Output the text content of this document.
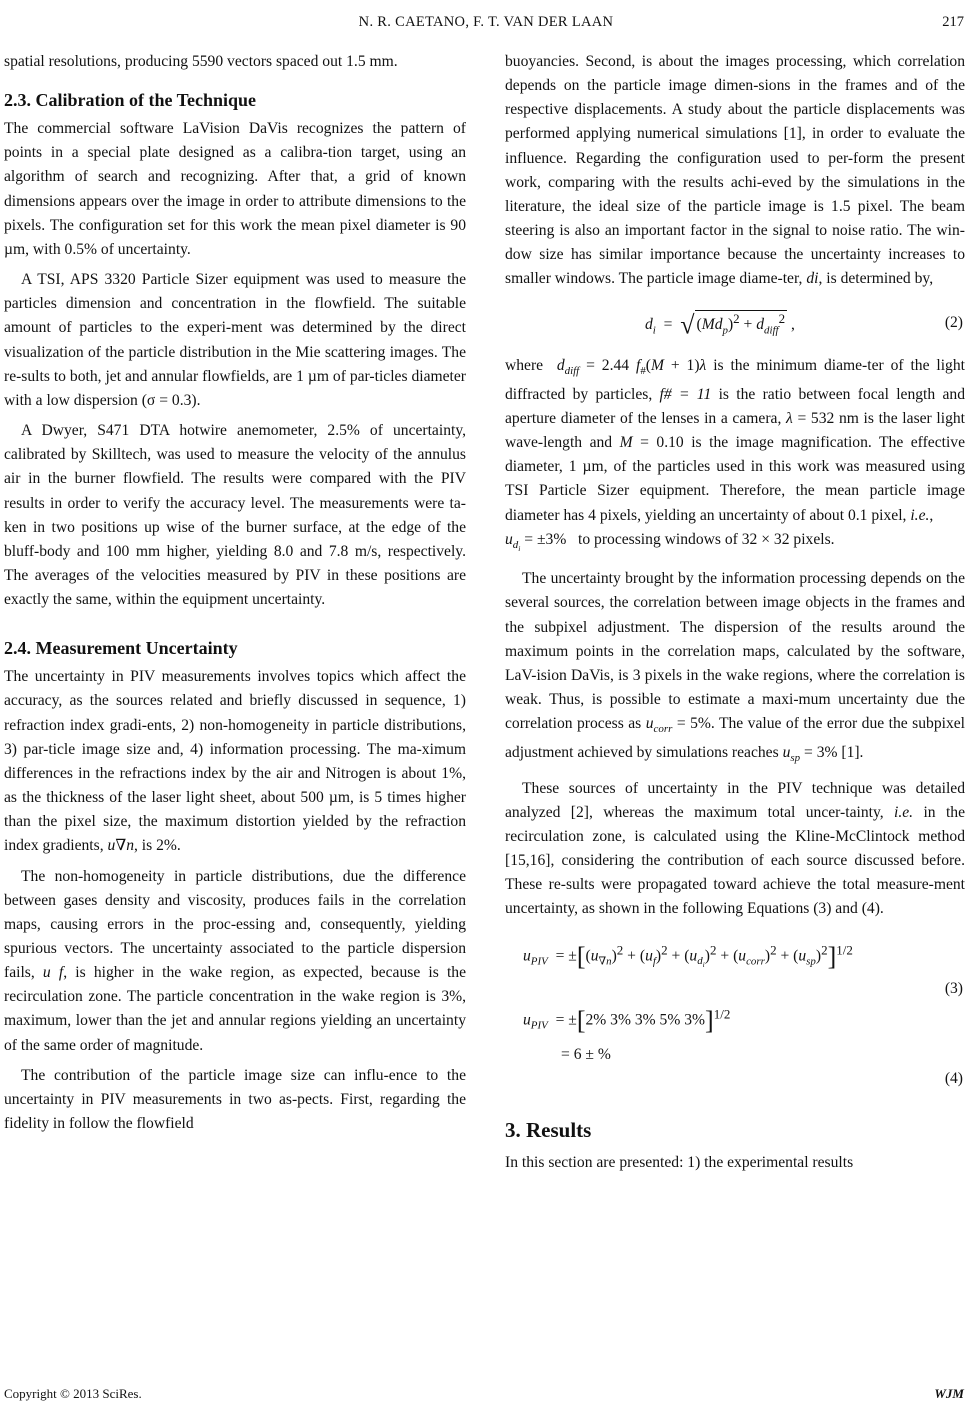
N. R. CAETANO, F. T. VAN DER LAAN	217

spatial resolutions, producing 5590 vectors spaced out 1.5 mm.

2.3. Calibration of the Technique

The commercial software LaVision DaVis recognizes the pattern of points in a special plate designed as a calibra-tion target, using an algorithm of search and recognizing. After that, a grid of known dimensions appears over the image in order to attribute dimensions to the pixels. The configuration set for this work the mean pixel diameter is 90 µm, with 0.5% of uncertainty.

A TSI, APS 3320 Particle Sizer equipment was used to measure the particles dimension and concentration in the flowfield. The suitable amount of particles to the experi-ment was determined by the direct visualization of the particle distribution in the Mie scattering images. The re-sults to both, jet and annular flowfields, are 1 µm of par-ticles diameter with a low dispersion (σ = 0.3).

A Dwyer, S471 DTA hotwire anemometer, 2.5% of uncertainty, calibrated by Skilltech, was used to measure the velocity of the annulus air in the burner flowfield. The results were compared with the PIV results in order to verify the accuracy level. The measurements were ta-ken in two positions up wise of the burner surface, at the edge of the bluff-body and 100 mm higher, yielding 8.0 and 7.8 m/s, respectively. The averages of the velocities measured by PIV in these positions are exactly the same, within the equipment uncertainty.

2.4. Measurement Uncertainty

The uncertainty in PIV measurements involves topics which affect the accuracy, as the sources related and briefly discussed in sequence, 1) refraction index gradi-ents, 2) non-homogeneity in particle distributions, 3) par-ticle image size and, 4) information processing. The ma-ximum differences in the refractions index by the air and Nitrogen is about 1%, as the thickness of the laser light sheet, about 500 µm, is 5 times higher than the pixel size, the maximum distortion yielded by the refraction index gradients, u∇n, is 2%.

The non-homogeneity in particle distributions, due the difference between gases density and viscosity, produces fails in the correlation maps, causing errors in the proc-essing and, consequently, yielding spurious vectors. The uncertainty associated to the particle dispersion fails, u f, is higher in the wake region, as expected, because is the recirculation zone. The particle concentration in the wake region is 3%, maximum, lower than the jet and annular regions yielding an uncertainty of the same order of magnitude.

The contribution of the particle image size can influ-ence to the uncertainty in PIV measurements in two as-pects. First, regarding the fidelity in follow the flowfield

buoyancies. Second, is about the images processing, which correlation depends on the particle image dimen-sions in the frames and of the respective displacements. A study about the particle displacements was performed applying numerical simulations [1], in order to evaluate the influence. Regarding the configuration used to per-form the present work, comparing with the results achi-eved by the simulations in the literature, the ideal size of the particle image is 1.5 pixel. The beam steering is also an important factor in the signal to noise ratio. The win-dow size has similar importance because the uncertainty increases to smaller windows. The particle image diame-ter, di, is determined by,

$d_i$  =  √ $(Md_p)^2 + d_{diff}^2$ ,	(2)

where $d_{diff} = 2.44$ $f_{\#}(M + 1)\lambda$ is the minimum diame-ter of the light diffracted by particles, f# = 11 is the ratio between focal length and aperture diameter of the lenses in a camera, λ = 532 nm is the laser light wave-length and M = 0.10 is the image magnification. The effective diameter, 1 µm, of the particles used in this work was measured using TSI Particle Sizer equipment. Therefore, the mean particle image diameter has 4 pixels, yielding an uncertainty of about 0.1 pixel, i.e.,
$u_{d_i} = \pm 3\%$   to processing windows of 32 × 32 pixels.

The uncertainty brought by the information processing depends on the several sources, the correlation between image objects in the frames and the subpixel adjustment. The dispersion of the results around the maximum points in the correlation maps, calculated by the software, LaV-ision DaVis, is 3 pixels in the wake regions, where the correlation is weak. Thus, is possible to estimate a maxi-mum uncertainty due the correlation process as $u_{corr} = 5\%$. The value of the error due the subpixel adjustment achieved by simulations reaches $u_{sp} = 3\%$ [1].

These sources of uncertainty in the PIV technique was detailed analyzed [2], whereas the maximum total uncer-tainty, i.e. in the recirculation zone, is calculated using the Kline-McClintock method [15,16], considering the contribution of each source discussed before. These re-sults were propagated toward achieve the total measure-ment uncertainty, as shown in the following Equations (3) and (4).

$u_{PIV} = \pm[(u_{\nabla n})^2 + (u_f)^2 + (u_{d_i})^2 + (u_{corr})^2 + (u_{sp})^2]^{1/2}$
(3)
$u_{PIV} = \pm[2\%$ 3% 3% 5% 3%]$^{1/2}$
= 6 ± %
(4)
3. Results

In this section are presented: 1) the experimental results

Copyright © 2013 SciRes.	WJM
